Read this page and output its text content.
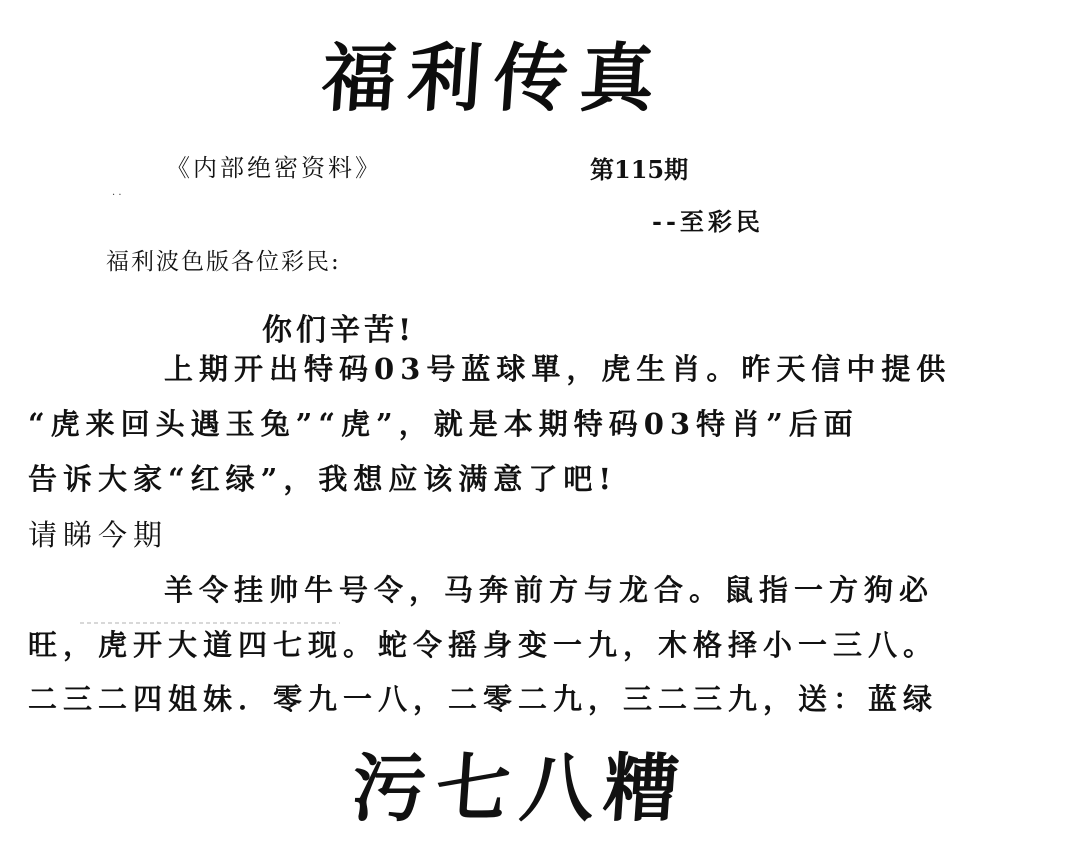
福利传真
《内部绝密资料》	第115期
· ·
--至彩民
福利波色版各位彩民:
你们辛苦!
上期开出特码03号蓝球單，虎生肖。昨天信中提供
“虎来回头遇玉兔”“虎”，就是本期特码03特肖”后面
告诉大家“红绿”，我想应该满意了吧!
请睇今期
羊令挂帅牛号令，马奔前方与龙合。鼠指一方狗必
旺，虎开大道四七现。蛇令摇身变一九，木格择小一三八。
二三二四姐妹．零九一八，二零二九，三二三九，送：蓝绿
污七八糟
